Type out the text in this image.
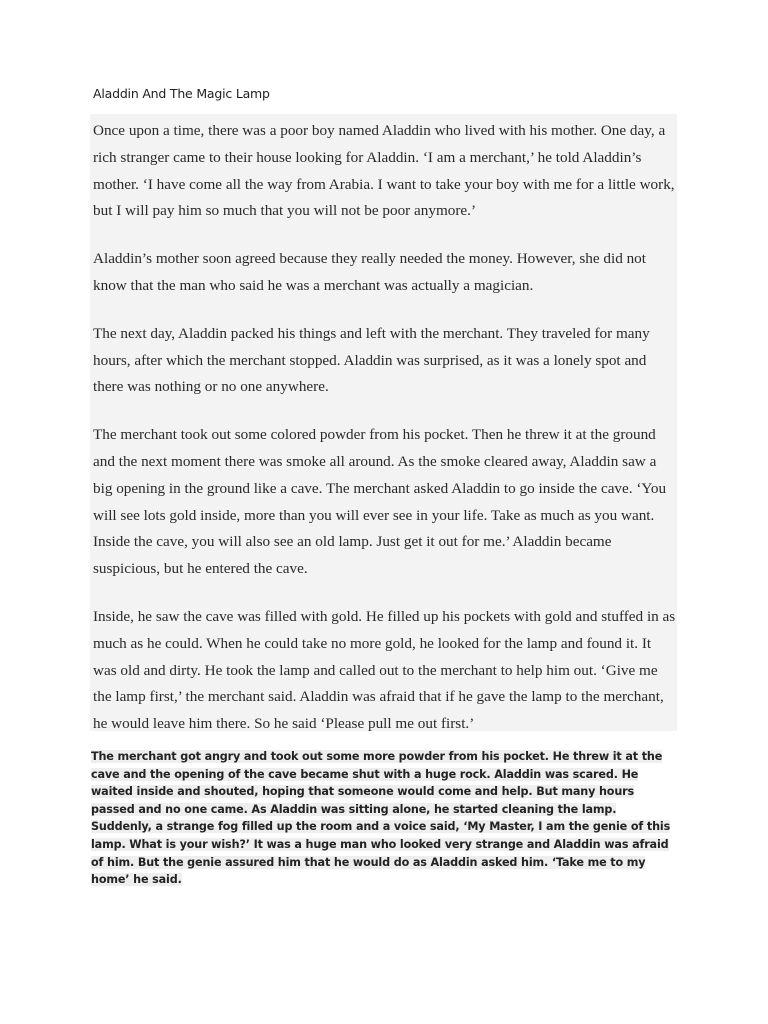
Aladdin And The Magic Lamp

Once upon a time, there was a poor boy named Aladdin who lived with his mother. One day, a rich stranger came to their house looking for Aladdin. ‘I am a merchant,’ he told Aladdin’s mother. ‘I have come all the way from Arabia. I want to take your boy with me for a little work, but I will pay him so much that you will not be poor anymore.’

Aladdin’s mother soon agreed because they really needed the money. However, she did not know that the man who said he was a merchant was actually a magician.

The next day, Aladdin packed his things and left with the merchant. They traveled for many hours, after which the merchant stopped. Aladdin was surprised, as it was a lonely spot and there was nothing or no one anywhere.

The merchant took out some colored powder from his pocket. Then he threw it at the ground and the next moment there was smoke all around. As the smoke cleared away, Aladdin saw a big opening in the ground like a cave. The merchant asked Aladdin to go inside the cave. ‘You will see lots gold inside, more than you will ever see in your life. Take as much as you want. Inside the cave, you will also see an old lamp. Just get it out for me.’ Aladdin became suspicious, but he entered the cave.

Inside, he saw the cave was filled with gold. He filled up his pockets with gold and stuffed in as much as he could. When he could take no more gold, he looked for the lamp and found it. It was old and dirty. He took the lamp and called out to the merchant to help him out. ‘Give me the lamp first,’ the merchant said. Aladdin was afraid that if he gave the lamp to the merchant, he would leave him there. So he said ‘Please pull me out first.’

The merchant got angry and took out some more powder from his pocket. He threw it at the cave and the opening of the cave became shut with a huge rock. Aladdin was scared. He waited inside and shouted, hoping that someone would come and help. But many hours passed and no one came. As Aladdin was sitting alone, he started cleaning the lamp. Suddenly, a strange fog filled up the room and a voice said, ‘My Master, I am the genie of this lamp. What is your wish?’ It was a huge man who looked very strange and Aladdin was afraid of him. But the genie assured him that he would do as Aladdin asked him. ‘Take me to my home’ he said.
